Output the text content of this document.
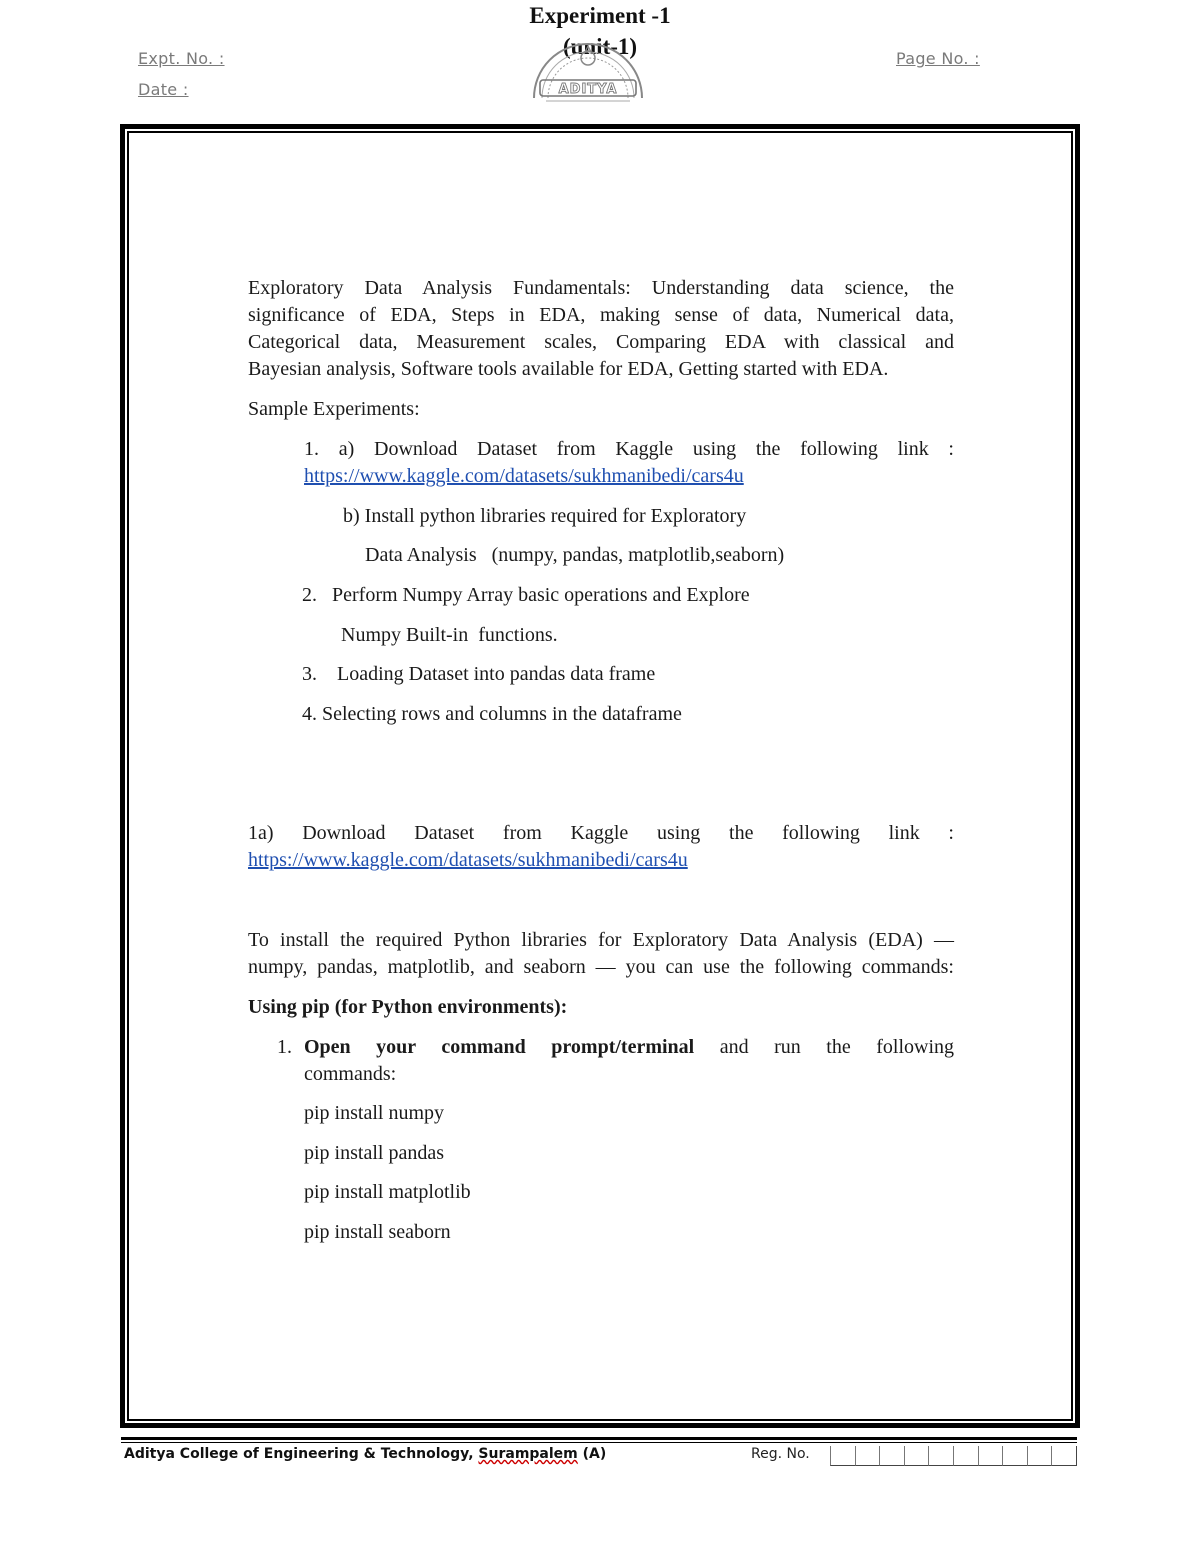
Expt. No. :
Date :
Page No. :
ADITYA
Experiment -1
(unit-1)
Exploratory Data Analysis Fundamentals: Understanding data science, the
significance of EDA, Steps in EDA, making sense of data, Numerical data,
Categorical data, Measurement scales, Comparing EDA with classical and
Bayesian analysis, Software tools available for EDA, Getting started with EDA.
Sample Experiments:
1. a) Download Dataset from Kaggle using the following link :
https://www.kaggle.com/datasets/sukhmanibedi/cars4u
b) Install python libraries required for Exploratory
Data Analysis   (numpy, pandas, matplotlib,seaborn)
2.   Perform Numpy Array basic operations and Explore
Numpy Built-in  functions.
3.    Loading Dataset into pandas data frame
4. Selecting rows and columns in the dataframe
1a) Download Dataset from Kaggle using the following link :
https://www.kaggle.com/datasets/sukhmanibedi/cars4u
To install the required Python libraries for Exploratory Data Analysis (EDA) —
numpy, pandas, matplotlib, and seaborn — you can use the following commands:
Using pip (for Python environments):
1. Open your command prompt/terminal and run the following
commands:
pip install numpy
pip install pandas
pip install matplotlib
pip install seaborn
Aditya College of Engineering & Technology, Surampalem (A)	Reg. No.
